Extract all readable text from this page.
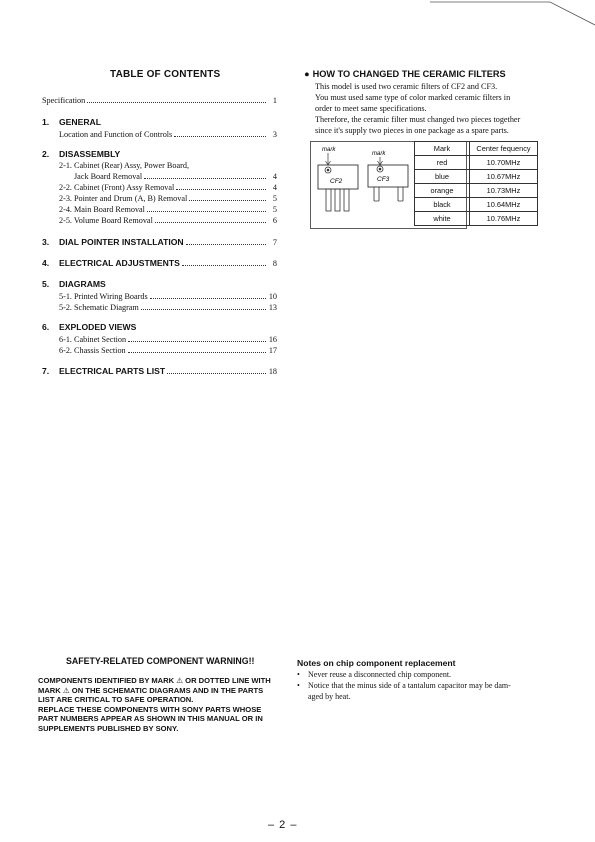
TABLE OF CONTENTS
Specification	1
1. GENERAL
Location and Function of Controls	3
2. DISASSEMBLY
2-1. Cabinet (Rear) Assy, Power Board,
Jack Board Removal	4
2-2. Cabinet (Front) Assy Removal	4
2-3. Pointer and Drum (A, B) Removal	5
2-4. Main Board Removal	5
2-5. Volume Board Removal	6
3. DIAL POINTER INSTALLATION	7
4. ELECTRICAL ADJUSTMENTS	8
5. DIAGRAMS
5-1. Printed Wiring Boards	10
5-2. Schematic Diagram	13
6. EXPLODED VIEWS
6-1. Cabinet Section	16
6-2. Chassis Section	17
7. ELECTRICAL PARTS LIST	18
● HOW TO CHANGED THE CERAMIC FILTERS
This model is used two ceramic filters of CF2 and CF3.
You must used same type of color marked ceramic filters in
order to meet same specifications.
Therefore, the ceramic filter must changed two pieces together
since it's supply two pieces in one package as a spare parts.
mark
CF2
mark
CF3
Mark	Center fequency
red	10.70MHz
blue	10.67MHz
orange	10.73MHz
black	10.64MHz
white	10.76MHz
SAFETY-RELATED COMPONENT WARNING!!
COMPONENTS IDENTIFIED BY MARK ⚠ OR DOTTED LINE WITH
MARK ⚠ ON THE SCHEMATIC DIAGRAMS AND IN THE PARTS
LIST ARE CRITICAL TO SAFE OPERATION.
REPLACE THESE COMPONENTS WITH SONY PARTS WHOSE
PART NUMBERS APPEAR AS SHOWN IN THIS MANUAL OR IN
SUPPLEMENTS PUBLISHED BY SONY.
Notes on chip component replacement
• Never reuse a disconnected chip component.
• Notice that the minus side of a tantalum capacitor may be dam-
aged by heat.
– 2 –
